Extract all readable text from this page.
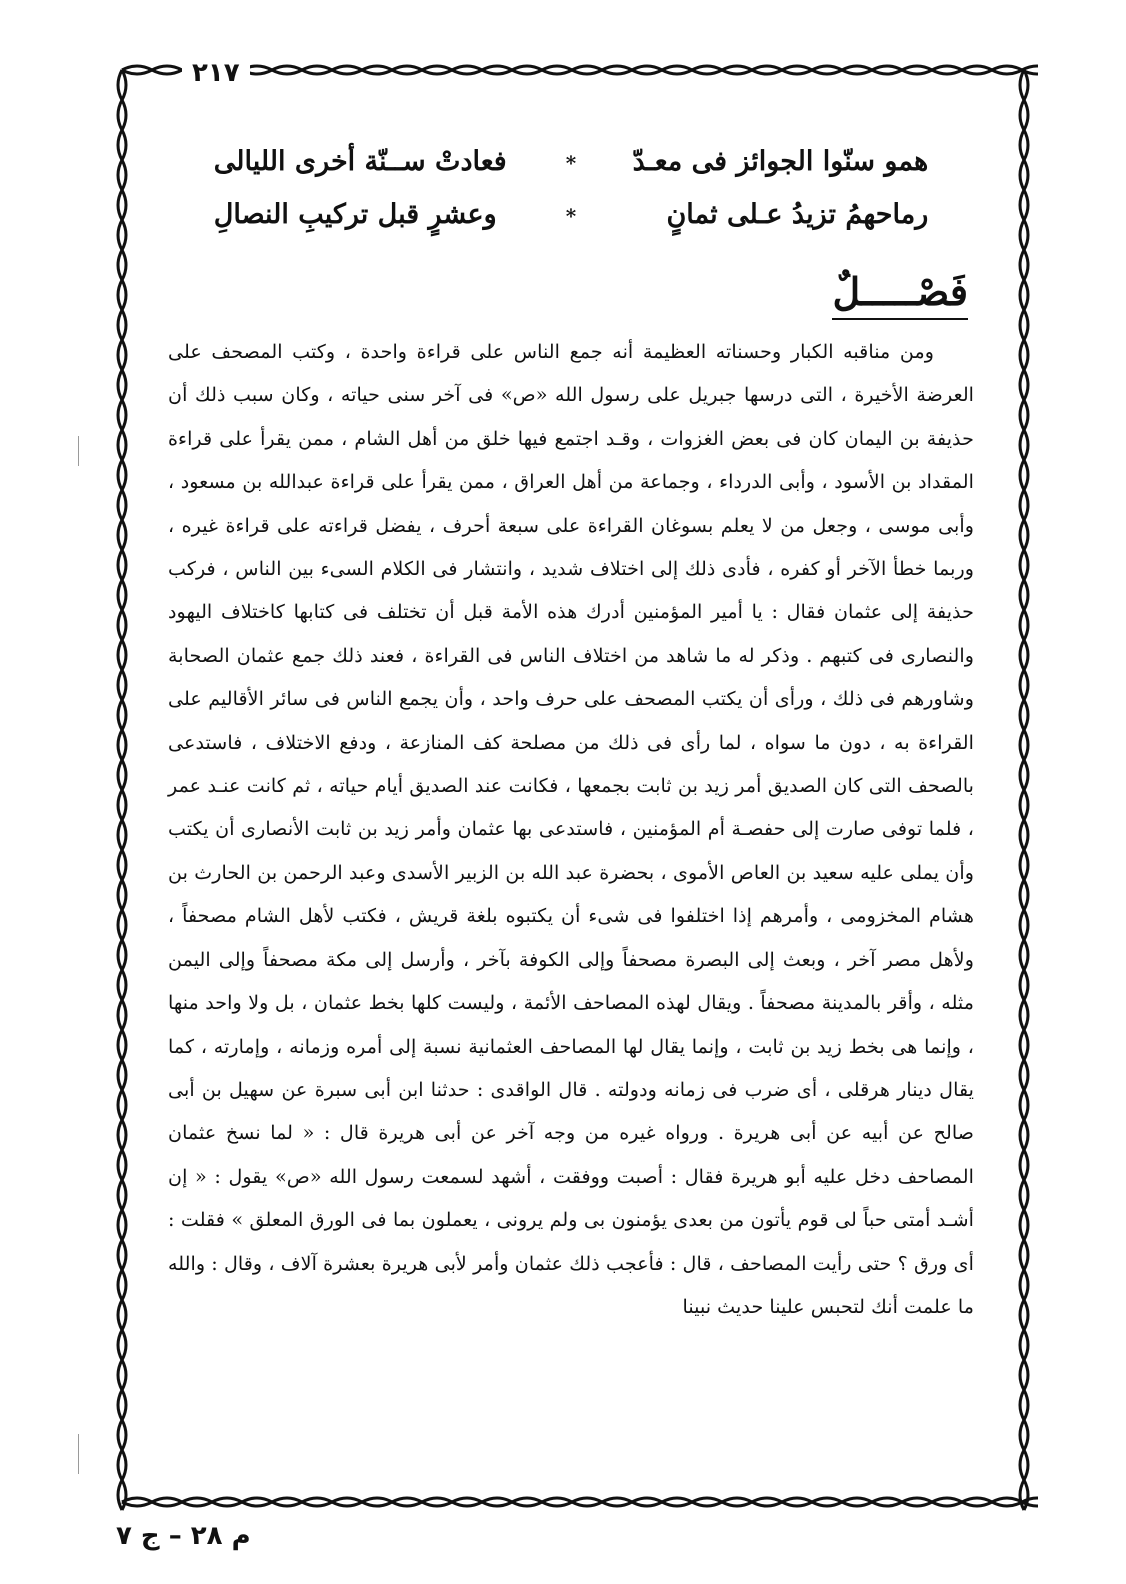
٢١٧
همو سنّوا الجوائز فى معـدّ
*
فعادتْ ســنّة أخرى الليالى
رماحهمُ تزيدُ عـلى ثمانٍ
*
وعشرٍ قبل تركيبِ النصالِ
فَصْـــــلٌ

ومن مناقبه الكبار وحسناته العظيمة أنه جمع الناس على قراءة واحدة ، وكتب المصحف على العرضة الأخيرة ، التى درسها جبريل على رسول الله «ص» فى آخر سنى حياته ، وكان سبب ذلك أن حذيفة بن اليمان كان فى بعض الغزوات ، وقـد اجتمع فيها خلق من أهل الشام ، ممن يقرأ على قراءة المقداد بن الأسود ، وأبى الدرداء ، وجماعة من أهل العراق ، ممن يقرأ على قراءة عبدالله بن مسعود ، وأبى موسى ، وجعل من لا يعلم بسوغان القراءة على سبعة أحرف ، يفضل قراءته على قراءة غيره ، وربما خطأ الآخر أو كفره ، فأدى ذلك إلى اختلاف شديد ، وانتشار فى الكلام السىء بين الناس ، فركب حذيفة إلى عثمان فقال : يا أمير المؤمنين أدرك هذه الأمة قبل أن تختلف فى كتابها كاختلاف اليهود والنصارى فى كتبهم . وذكر له ما شاهد من اختلاف الناس فى القراءة ، فعند ذلك جمع عثمان الصحابة وشاورهم فى ذلك ، ورأى أن يكتب المصحف على حرف واحد ، وأن يجمع الناس فى سائر الأقاليم على القراءة به ، دون ما سواه ، لما رأى فى ذلك من مصلحة كف المنازعة ، ودفع الاختلاف ، فاستدعى بالصحف التى كان الصديق أمر زيد بن ثابت بجمعها ، فكانت عند الصديق أيام حياته ، ثم كانت عنـد عمر ، فلما توفى صارت إلى حفصـة أم المؤمنين ، فاستدعى بها عثمان وأمر زيد بن ثابت الأنصارى أن يكتب وأن يملى عليه سعيد بن العاص الأموى ، بحضرة عبد الله بن الزبير الأسدى وعبد الرحمن بن الحارث بن هشام المخزومى ، وأمرهم إذا اختلفوا فى شىء أن يكتبوه بلغة قريش ، فكتب لأهل الشام مصحفاً ، ولأهل مصر آخر ، وبعث إلى البصرة مصحفاً وإلى الكوفة بآخر ، وأرسل إلى مكة مصحفاً وإلى اليمن مثله ، وأقر بالمدينة مصحفاً . ويقال لهذه المصاحف الأئمة ، وليست كلها بخط عثمان ، بل ولا واحد منها ، وإنما هى بخط زيد بن ثابت ، وإنما يقال لها المصاحف العثمانية نسبة إلى أمره وزمانه ، وإمارته ، كما يقال دينار هرقلى ، أى ضرب فى زمانه ودولته . قال الواقدى : حدثنا ابن أبى سبرة عن سهيل بن أبى صالح عن أبيه عن أبى هريرة . ورواه غيره من وجه آخر عن أبى هريرة قال : « لما نسخ عثمان المصاحف دخل عليه أبو هريرة فقال : أصبت ووفقت ، أشهد لسمعت رسول الله «ص» يقول : « إن أشـد أمتى حباً لى قوم يأتون من بعدى يؤمنون بى ولم يرونى ، يعملون بما فى الورق المعلق » فقلت : أى ورق ؟ حتى رأيت المصاحف ، قال : فأعجب ذلك عثمان وأمر لأبى هريرة بعشرة آلاف ، وقال : والله ما علمت أنك لتحبس علينا حديث نبينا

م ٢٨ – ج ٧
